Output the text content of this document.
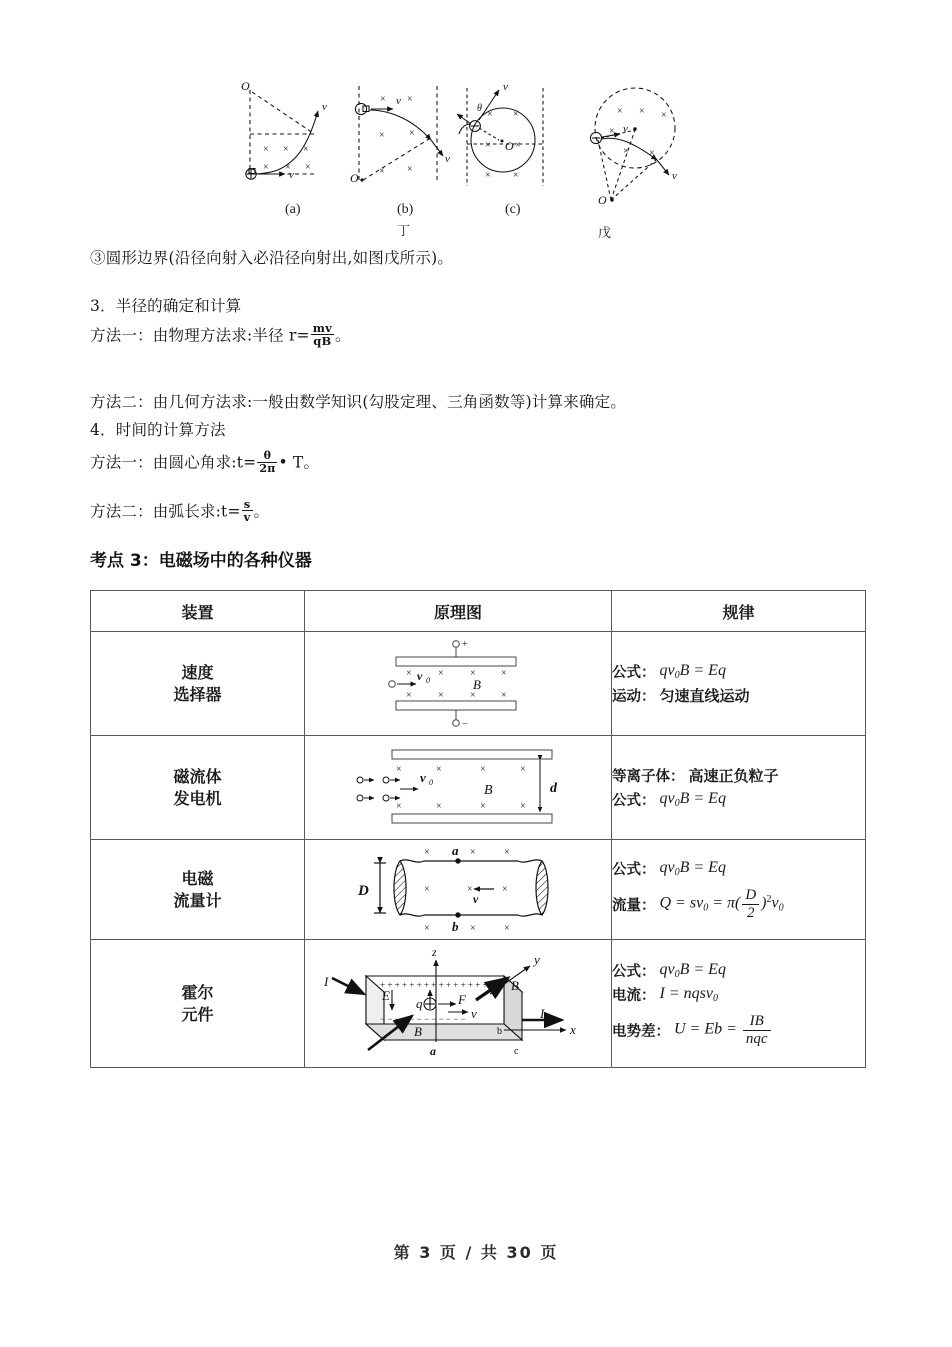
O
v
v
× × ×
× × ×
v
v
O
× ×
× ×
× ×
O
v
θ
× ×
× ×
× ×
v
v
O
× × ×
×
× ×
(a)	(b)	(c)
丁	戊
③圆形边界(沿径向射入必沿径向射出,如图戊所示)。
3．半径的确定和计算
方法一：由物理方法求:半径 $r= \frac{mv}{qB}$ 。
方法二：由几何方法求:一般由数学知识(勾股定理、三角函数等)计算来确定。
4．时间的计算方法
方法一：由圆心角求:t= $\frac{\theta}{2\pi}$ • T。
方法二：由弧长求:t= $\frac{s}{v}$ 。
考点 3：电磁场中的各种仪器
装置	原理图	规律

速度
选择器

+
−
×	×	×	×
×	×	×	×
v 0	B

公式： $qv_0B = Eq$
运动： 匀速直线运动

磁流体
发电机

×	×	×	×
×	×	×	×
v 0
B	d

等离子体： 高速正负粒子
公式： $qv_0B = Eq$

电磁
流量计

×	×	×
×	×	×
×	×	×
a
b
D	v

公式： $qv_0B = Eq$
流量： $Q = sv_0 = \pi( \frac{D}{2} )^2v_0$

霍尔
元件

+ + + + + + + + + + + + + + + +
− − − − − − − − − − − −
z	y
x
I
I
E
B
B
F
v
q
a
b
c

公式： $qv_0B = Eq$
电流： I = nqsv$_0$
电势差： U = Eb = IB
nqc
第 3 页 / 共 30 页
